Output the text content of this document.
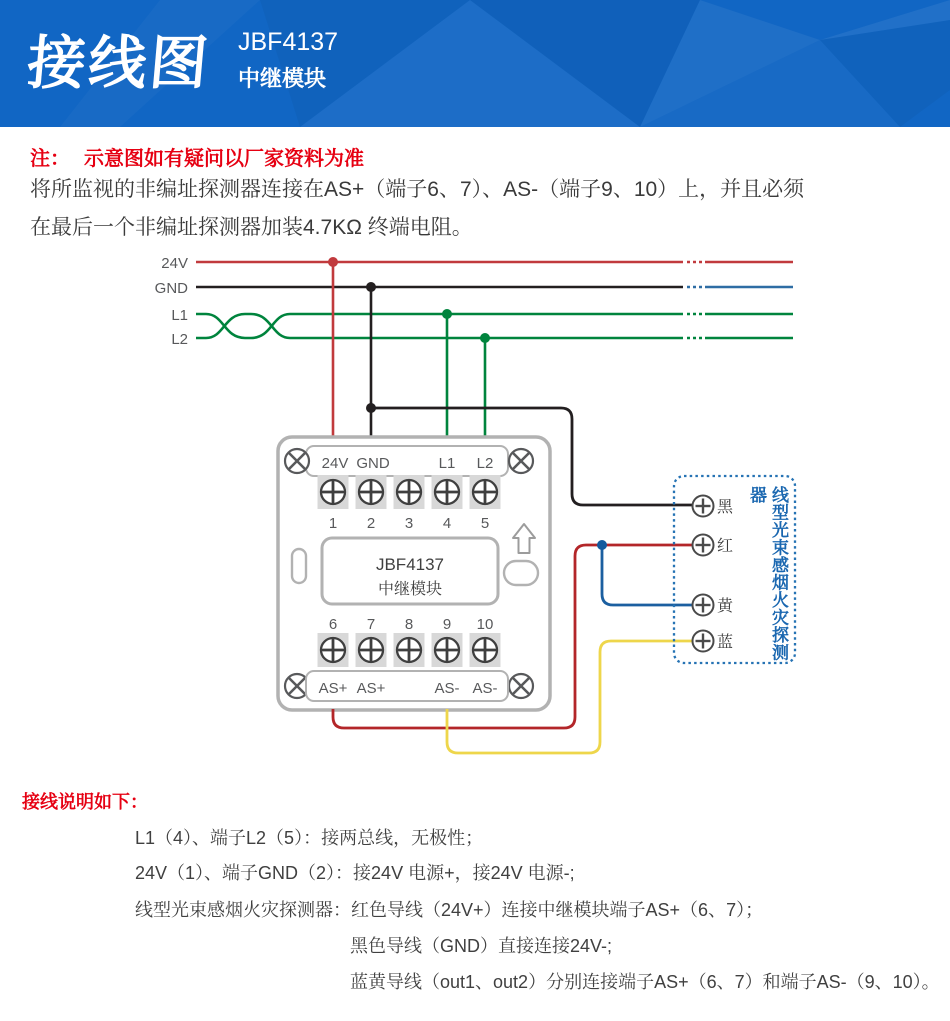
接线图 JBF4137
中继模块
注： 示意图如有疑问以厂家资料为准
将所监视的非编址探测器连接在AS+（端子6、7）、AS-（端子9、10）上，并且必须
在最后一个非编址探测器加装4.7KΩ 终端电阻。
24V
GND
L1
L2
24V GND	L1 L2
1 2 3 4 5
JBF4137
中继模块
6 7 8 9 10
AS+ AS+	AS- AS-
黑
红
黄
蓝	线型光束感烟火灾探测器
接线说明如下：
L1（4）、端子L2（5）：接两总线，无极性；
24V（1）、端子GND（2）：接24V 电源+，接24V 电源-;
线型光束感烟火灾探测器：红色导线（24V+）连接中继模块端子AS+（6、7）；
黑色导线（GND）直接连接24V-;
蓝黄导线（out1、out2）分别连接端子AS+（6、7）和端子AS-（9、10）。
